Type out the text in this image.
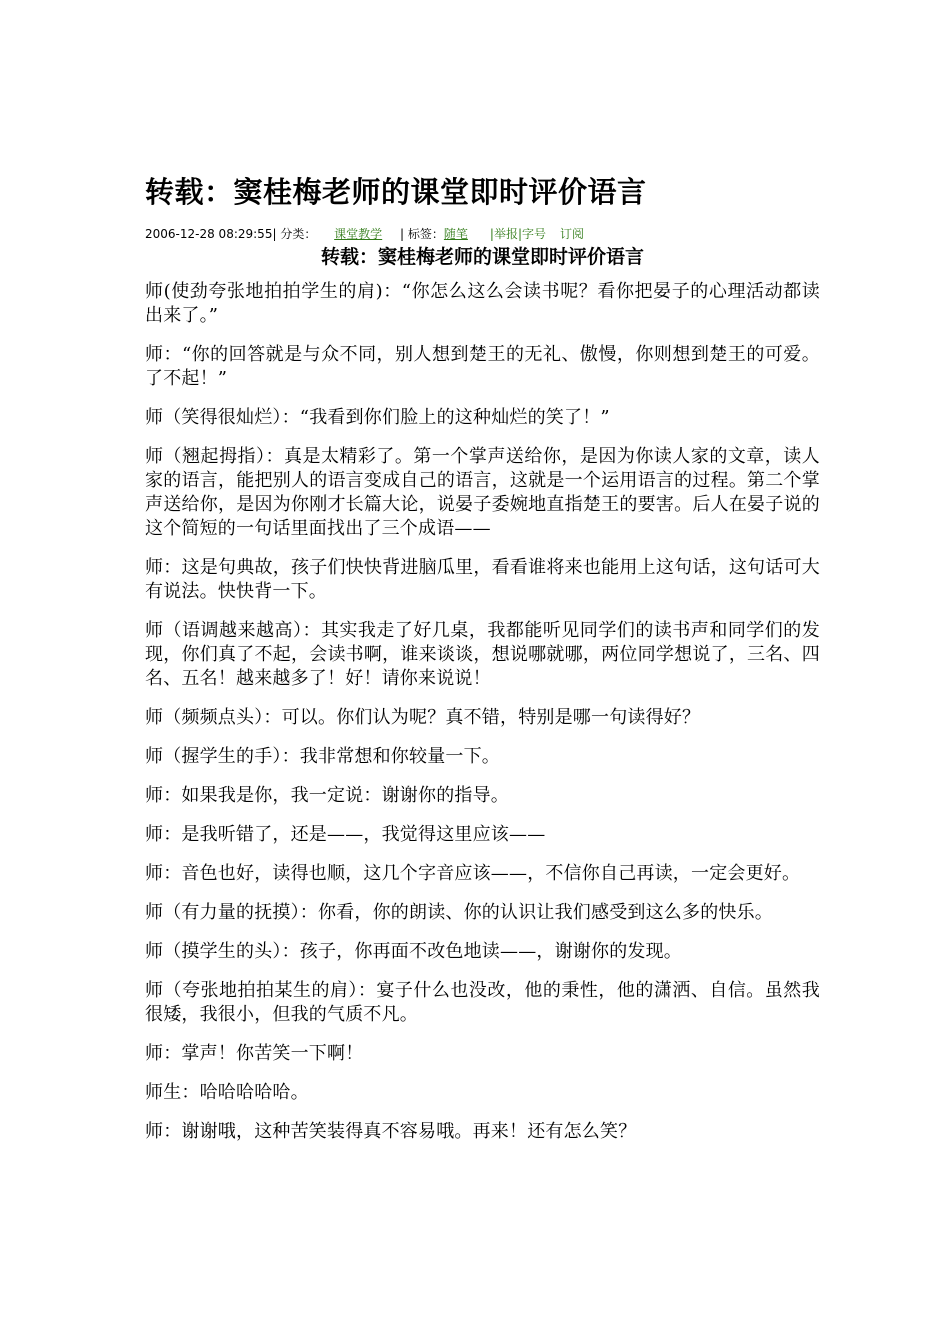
转载：窦桂梅老师的课堂即时评价语言

2006-12-28 08:29:55| 分类： 课堂教学 | 标签：随笔 |举报|字号 订阅

转载：窦桂梅老师的课堂即时评价语言

师(使劲夸张地拍拍学生的肩)：“你怎么这么会读书呢？看你把晏子的心理活动都读出来了。”

师：“你的回答就是与众不同，别人想到楚王的无礼、傲慢，你则想到楚王的可爱。了不起！”

师（笑得很灿烂）：“我看到你们脸上的这种灿烂的笑了！”

师（翘起拇指）：真是太精彩了。第一个掌声送给你，是因为你读人家的文章，读人家的语言，能把别人的语言变成自己的语言，这就是一个运用语言的过程。第二个掌声送给你，是因为你刚才长篇大论，说晏子委婉地直指楚王的要害。后人在晏子说的这个简短的一句话里面找出了三个成语——

师：这是句典故，孩子们快快背进脑瓜里，看看谁将来也能用上这句话，这句话可大有说法。快快背一下。

师（语调越来越高）：其实我走了好几桌，我都能听见同学们的读书声和同学们的发现，你们真了不起，会读书啊，谁来谈谈，想说哪就哪，两位同学想说了，三名、四名、五名！越来越多了！好！请你来说说！

师（频频点头）：可以。你们认为呢？真不错，特别是哪一句读得好？

师（握学生的手）：我非常想和你较量一下。

师：如果我是你，我一定说：谢谢你的指导。

师：是我听错了，还是——，我觉得这里应该——

师：音色也好，读得也顺，这几个字音应该——，不信你自己再读，一定会更好。

师（有力量的抚摸）：你看，你的朗读、你的认识让我们感受到这么多的快乐。

师（摸学生的头）：孩子，你再面不改色地读——，谢谢你的发现。

师（夸张地拍拍某生的肩）：宴子什么也没改，他的秉性，他的潇洒、自信。虽然我很矮，我很小，但我的气质不凡。

师：掌声！你苦笑一下啊！

师生：哈哈哈哈哈。

师：谢谢哦，这种苦笑装得真不容易哦。再来！还有怎么笑？
